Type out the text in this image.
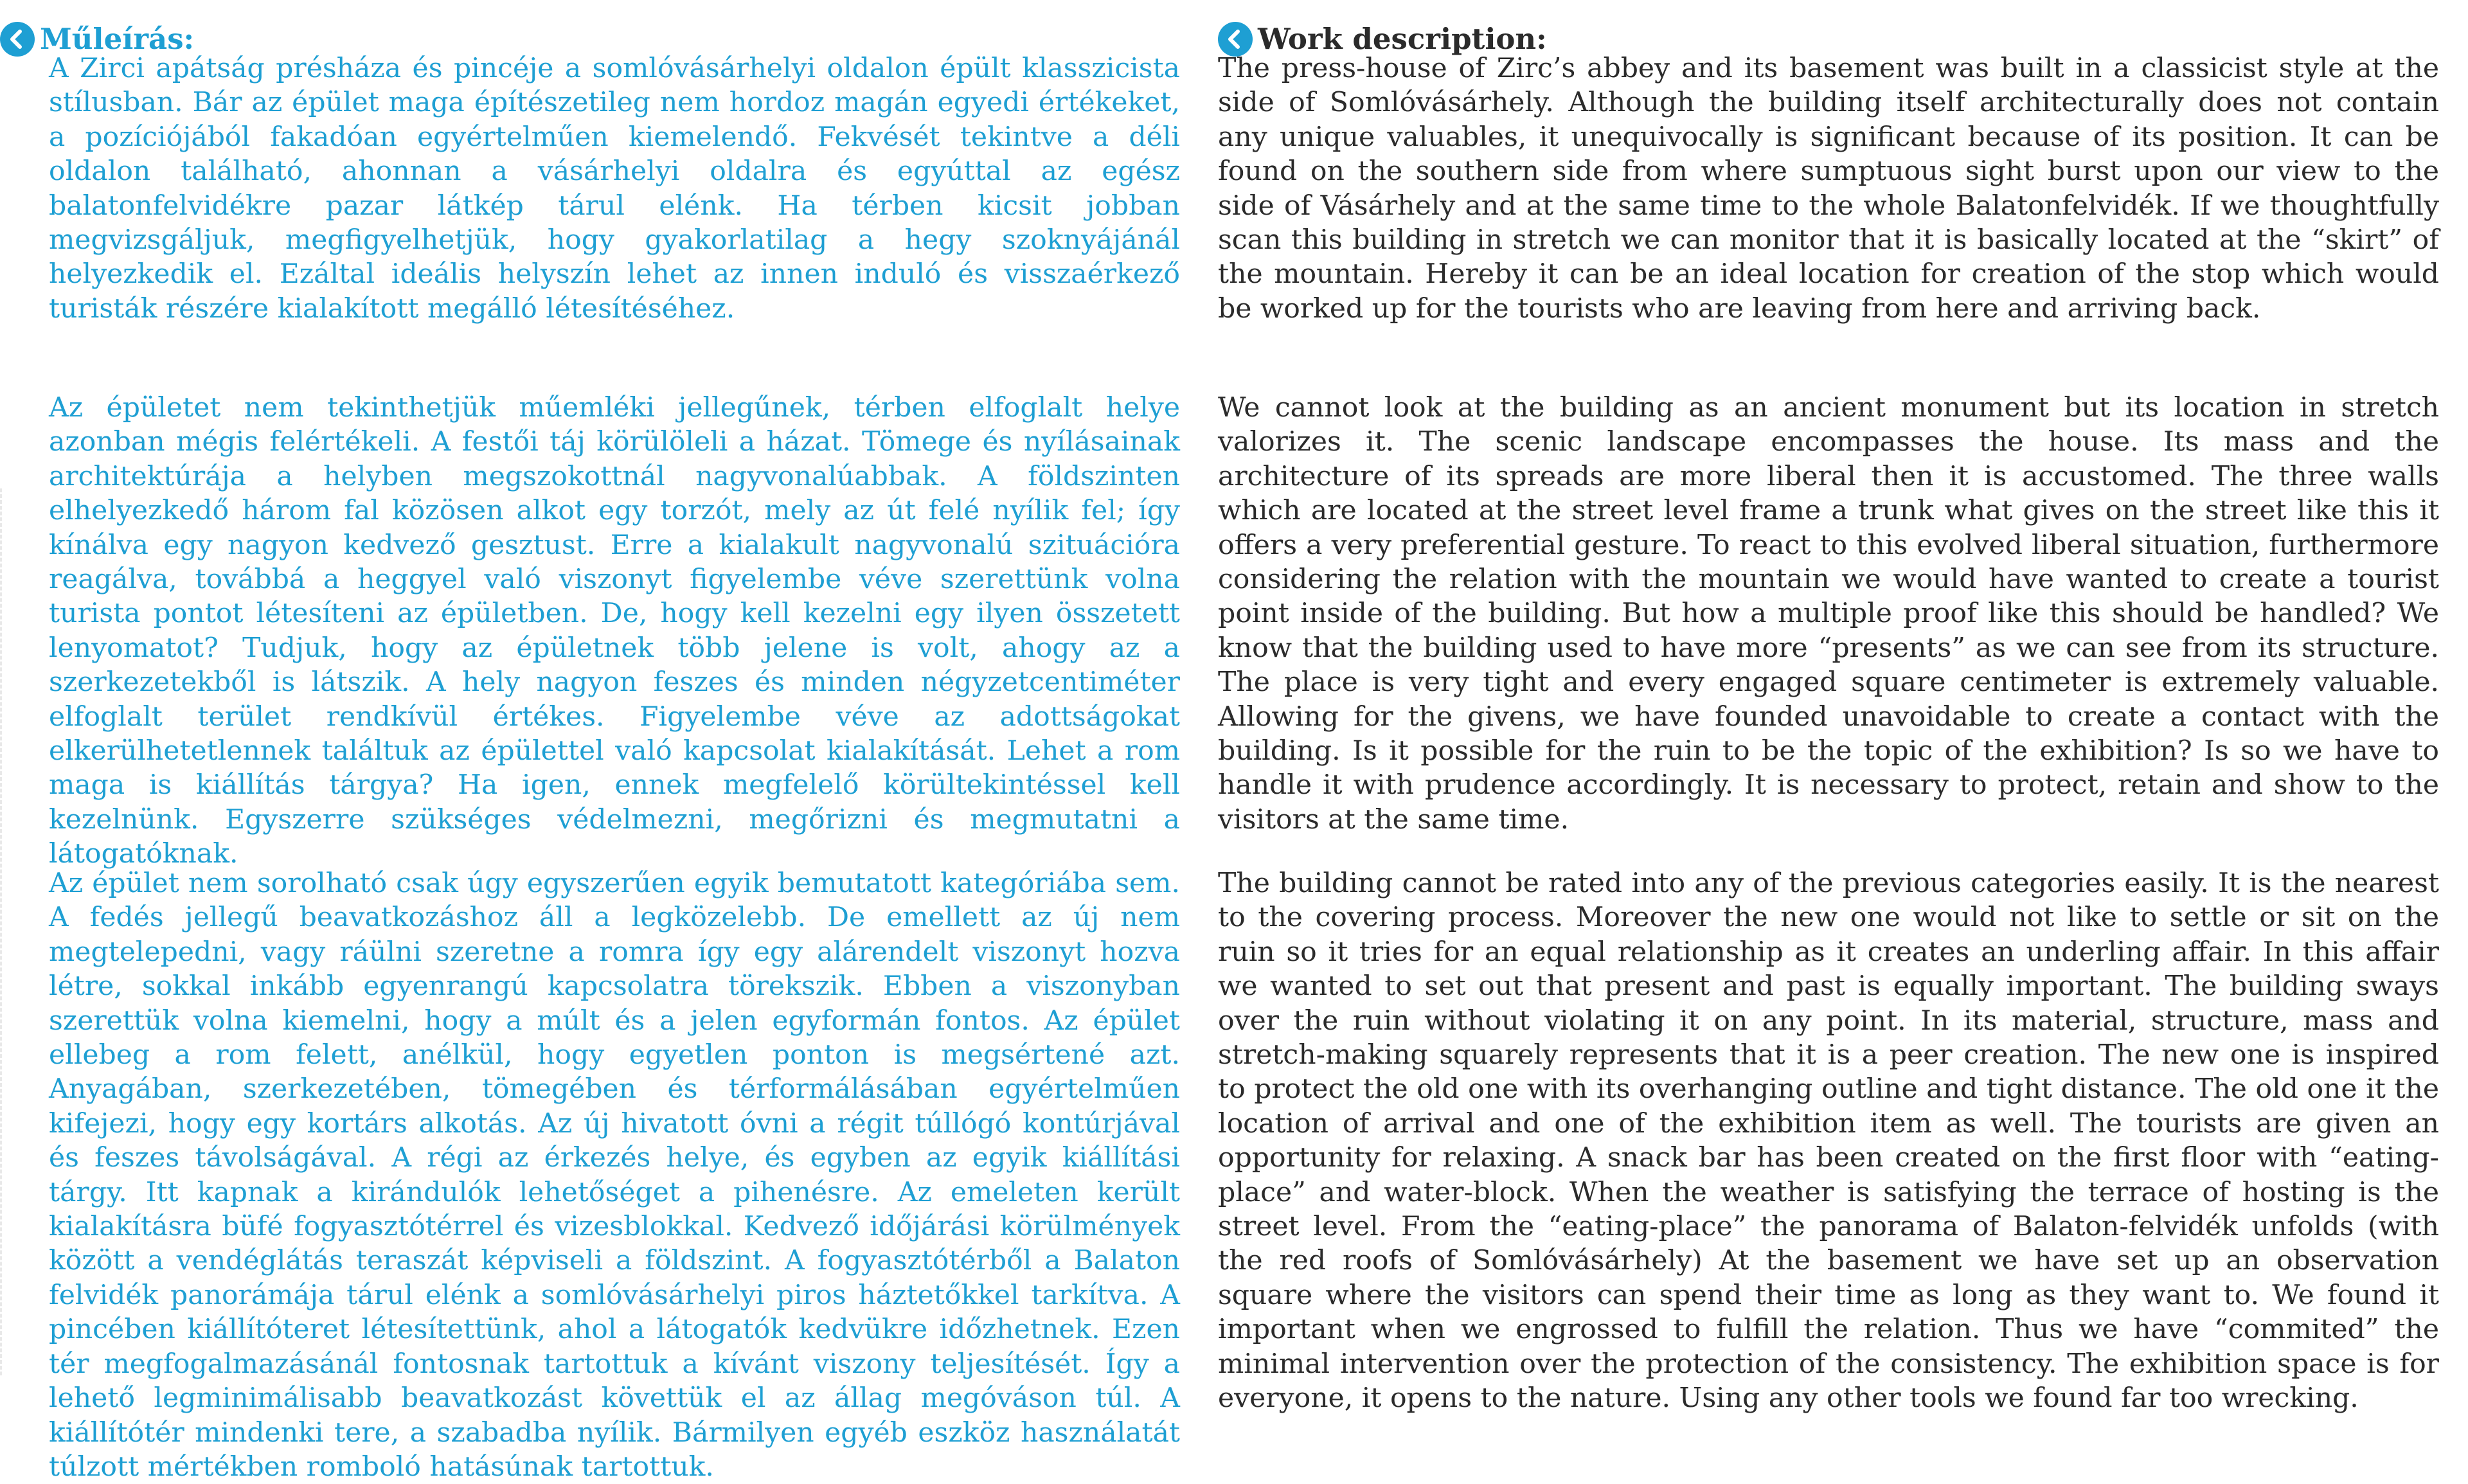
Műleírás:

A Zirci apátság présháza és pincéje a somlóvásárhelyi oldalon épült klasszicista stílusban. Bár az épület maga építészetileg nem hordoz magán egyedi értékeket, a pozíciójából fakadóan egyértelműen kiemelendő. Fekvését tekintve a déli oldalon található, ahonnan a vásárhelyi oldalra és egyúttal az egész balatonfelvidékre pazar látkép tárul elénk. Ha térben kicsit jobban megvizsgáljuk, megfigyelhetjük, hogy gyakorlatilag a hegy szoknyájánál helyezkedik el. Ezáltal ideális helyszín lehet az innen induló és visszaérkező turisták részére kialakított megálló létesítéséhez.

Az épületet nem tekinthetjük műemléki jellegűnek, térben elfoglalt helye azonban mégis felértékeli. A festői táj körülöleli a házat. Tömege és nyílásainak architektúrája a helyben megszokottnál nagyvonalúabbak. A földszinten elhelyezkedő három fal közösen alkot egy torzót, mely az út felé nyílik fel; így kínálva egy nagyon kedvező gesztust. Erre a kialakult nagyvonalú szituációra reagálva, továbbá a heggyel való viszonyt figyelembe véve szerettünk volna turista pontot létesíteni az épületben. De, hogy kell kezelni egy ilyen összetett lenyomatot? Tudjuk, hogy az épületnek több jelene is volt, ahogy az a szerkezetekből is látszik. A hely nagyon feszes és minden négyzetcentiméter elfoglalt terület rendkívül értékes. Figyelembe véve az adottságokat elkerülhetetlennek találtuk az épülettel való kapcsolat kialakítását. Lehet a rom maga is kiállítás tárgya? Ha igen, ennek megfelelő körültekintéssel kell kezelnünk. Egyszerre szükséges védelmezni, megőrizni és megmutatni a látogatóknak.

Az épület nem sorolható csak úgy egyszerűen egyik bemutatott kategóriába sem. A fedés jellegű beavatkozáshoz áll a legközelebb. De emellett az új nem megtelepedni, vagy ráülni szeretne a romra így egy alárendelt viszonyt hozva létre, sokkal inkább egyenrangú kapcsolatra törekszik. Ebben a viszonyban szerettük volna kiemelni, hogy a múlt és a jelen egyformán fontos. Az épület ellebeg a rom felett, anélkül, hogy egyetlen ponton is megsértené azt. Anyagában, szerkezetében, tömegében és térformálásában egyértelműen kifejezi, hogy egy kortárs alkotás. Az új hivatott óvni a régit túllógó kontúrjával és feszes távolságával. A régi az érkezés helye, és egyben az egyik kiállítási tárgy. Itt kapnak a kirándulók lehetőséget a pihenésre. Az emeleten került kialakításra büfé fogyasztótérrel és vizesblokkal. Kedvező időjárási körülmények között a vendéglátás teraszát képviseli a földszint. A fogyasztótérből a Balaton felvidék panorámája tárul elénk a somlóvásárhelyi piros háztetőkkel tarkítva. A pincében kiállítóteret létesítettünk, ahol a látogatók kedvükre időzhetnek. Ezen tér megfogalmazásánál fontosnak tartottuk a kívánt viszony teljesítését. Így a lehető legminimálisabb beavatkozást követtük el az állag megóváson túl. A kiállítótér mindenki tere, a szabadba nyílik. Bármilyen egyéb eszköz használatát túlzott mértékben romboló hatásúnak tartottuk.

Work description:

The press-house of Zirc’s abbey and its basement was built in a classicist style at the side of Somlóvásárhely. Although the building itself architecturally does not contain any unique valuables, it unequivocally is significant because of its position. It can be found on the southern side from where sumptuous sight burst upon our view to the side of Vásárhely and at the same time to the whole Balatonfelvidék. If we thoughtfully scan this building in stretch we can monitor that it is basically located at the “skirt” of the mountain. Hereby it can be an ideal location for creation of the stop which would be worked up for the tourists who are leaving from here and arriving back.

We cannot look at the building as an ancient monument but its location in stretch valorizes it. The scenic landscape encompasses the house. Its mass and the architecture of its spreads are more liberal then it is accustomed. The three walls which are located at the street level frame a trunk what gives on the street like this it offers a very preferential gesture. To react to this evolved liberal situation, furthermore considering the relation with the mountain we would have wanted to create a tourist point inside of the building. But how a multiple proof like this should be handled? We know that the building used to have more “presents” as we can see from its structure. The place is very tight and every engaged square centimeter is extremely valuable. Allowing for the givens, we have founded unavoidable to create a contact with the building. Is it possible for the ruin to be the topic of the exhibition? Is so we have to handle it with prudence accordingly. It is necessary to protect, retain and show to the visitors at the same time.

The building cannot be rated into any of the previous categories easily. It is the nearest to the covering process. Moreover the new one would not like to settle or sit on the ruin so it tries for an equal relationship as it creates an underling affair. In this affair we wanted to set out that present and past is equally important. The building sways over the ruin without violating it on any point. In its material, structure, mass and stretch-making squarely represents that it is a peer creation. The new one is inspired to protect the old one with its overhanging outline and tight distance. The old one it the location of arrival and one of the exhibition item as well. The tourists are given an opportunity for relaxing. A snack bar has been created on the first floor with “eating-place” and water-block. When the weather is satisfying the terrace of hosting is the street level. From the “eating-place” the panorama of Balaton-felvidék unfolds (with the red roofs of Somlóvásárhely) At the basement we have set up an observation square where the visitors can spend their time as long as they want to. We found it important when we engrossed to fulfill the relation. Thus we have “commited” the minimal intervention over the protection of the consistency. The exhibition space is for everyone, it opens to the nature. Using any other tools we found far too wrecking.
